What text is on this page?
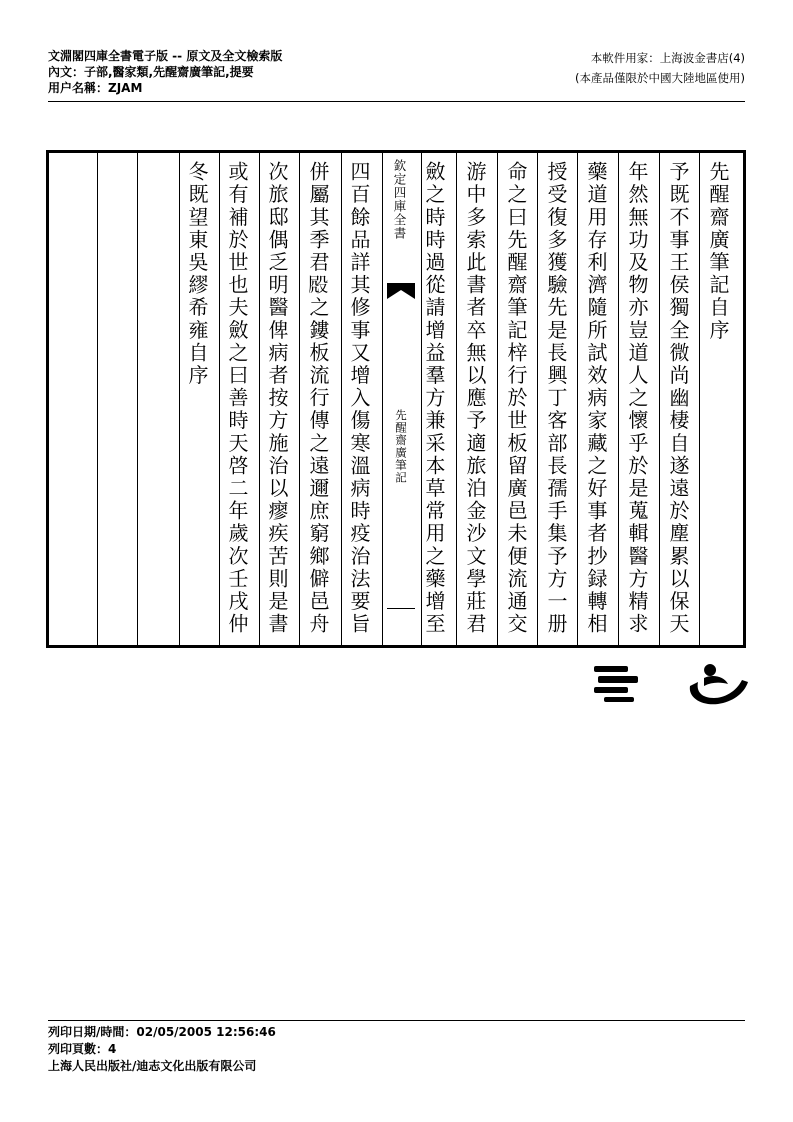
文淵閣四庫全書電子版 -- 原文及全文檢索版
內文：子部,醫家類,先醒齋廣筆記,提要
用户名稱：ZJAM
本軟件用家：上海波金書店(4)
(本產品僅限於中國大陸地區使用)
先醒齋廣筆記自序
予既不事王侯獨全微尚幽棲自遂遠於塵累以保天
年然無功及物亦豈道人之懷乎於是蒐輯醫方精求
藥道用存利濟隨所試效病家藏之好事者抄録轉相
授受復多獲驗先是長興丁客部長孺手集予方一册
命之曰先醒齋筆記梓行於世板留廣邑未便流通交
游中多索此書者卒無以應予適旅泊金沙文學莊君
斂之時時過從請增益羣方兼采本草常用之藥增至
欽定四庫全書
先醒齋廣筆記
四百餘品詳其修事又增入傷寒溫病時疫治法要旨
併屬其季君𣪍之鏤板流行傳之遠邇庶窮鄉僻邑舟
次旅邸偶乏明醫俾病者按方施治以瘳疾苦則是書
或有補於世也夫斂之曰善時天啓二年歲次壬戌仲
冬既望東吳繆希雍自序
列印日期/時間：02/05/2005 12:56:46
列印頁數：4
上海人民出版社/迪志文化出版有限公司
